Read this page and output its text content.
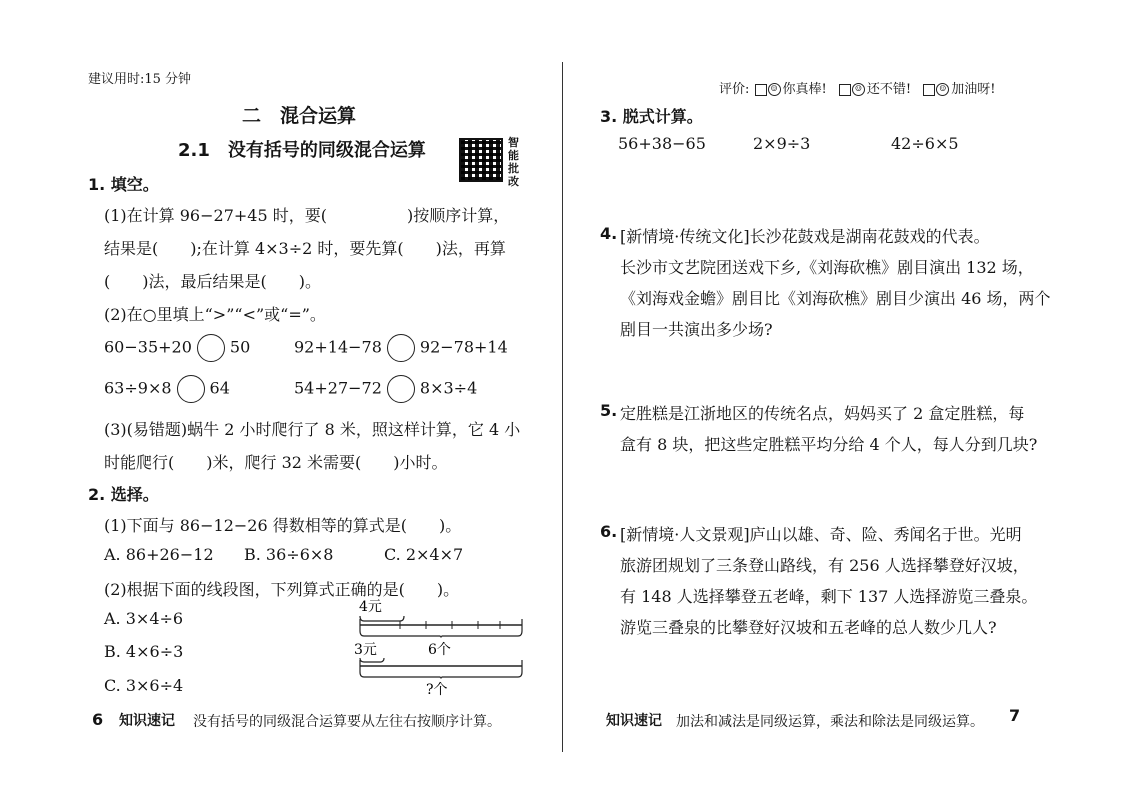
建议用时:15 分钟
二　混合运算
2.1　没有括号的同级混合运算	智能批改
1. 填空。
(1)在计算 96−27+45 时，要(　　　　　)按顺序计算，
结果是(　　);在计算 4×3÷2 时，要先算(　　)法，再算
(　　)法，最后结果是(　　)。
(2)在○里填上“>”“<”或“=”。
60−35+20 50	92+14−78 92−78+14
63÷9×8 64	54+27−72 8×3÷4
(3)(易错题)蜗牛 2 小时爬行了 8 米，照这样计算，它 4 小
时能爬行(　　)米，爬行 32 米需要(　　)小时。
2. 选择。
(1)下面与 86−12−26 得数相等的算式是(　　)。
A. 86+26−12 B. 36÷6×8	C. 2×4×7
(2)根据下面的线段图，下列算式正确的是(　　)。
A. 3×4÷6
B. 4×6÷3
C. 3×6÷4
4元
3元	6个
?个
6 知识速记 没有括号的同级混合运算要从左往右按顺序计算。
评价:	☺ 你真棒!	☺ 还不错!	☺ 加油呀!
3. 脱式计算。
56+38−65	2×9÷3	42÷6×5
4. [新情境·传统文化]长沙花鼓戏是湖南花鼓戏的代表。
长沙市文艺院团送戏下乡,《刘海砍樵》剧目演出 132 场，
《刘海戏金蟾》剧目比《刘海砍樵》剧目少演出 46 场，两个
剧目一共演出多少场?
5. 定胜糕是江浙地区的传统名点，妈妈买了 2 盒定胜糕，每
盒有 8 块，把这些定胜糕平均分给 4 个人，每人分到几块?
6. [新情境·人文景观]庐山以雄、奇、险、秀闻名于世。光明
旅游团规划了三条登山路线，有 256 人选择攀登好汉坡，
有 148 人选择攀登五老峰，剩下 137 人选择游览三叠泉。
游览三叠泉的比攀登好汉坡和五老峰的总人数少几人?
知识速记 加法和减法是同级运算，乘法和除法是同级运算。 7
